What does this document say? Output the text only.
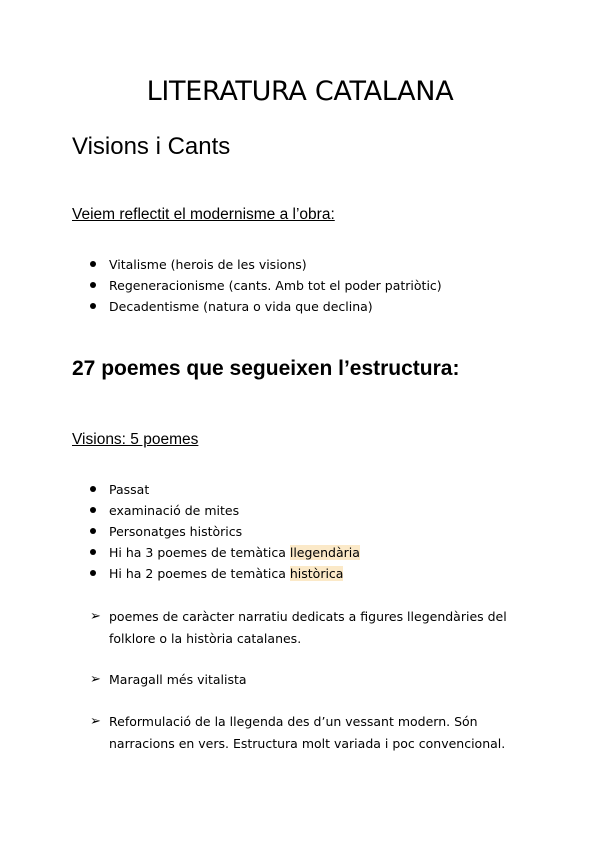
LITERATURA CATALANA
Visions i Cants
Veiem reflectit el modernisme a l’obra:
Vitalisme (herois de les visions)
Regeneracionisme (cants. Amb tot el poder patriòtic)
Decadentisme (natura o vida que declina)
27 poemes que segueixen l’estructura:
Visions: 5 poemes
Passat
examinació de mites
Personatges històrics
Hi ha 3 poemes de temàtica llegendària
Hi ha 2 poemes de temàtica històrica
➢ poemes de caràcter narratiu dedicats a figures llegendàries del folklore o la història catalanes.
➢ Maragall més vitalista
➢ Reformulació de la llegenda des d’un vessant modern. Són narracions en vers. Estructura molt variada i poc convencional.
